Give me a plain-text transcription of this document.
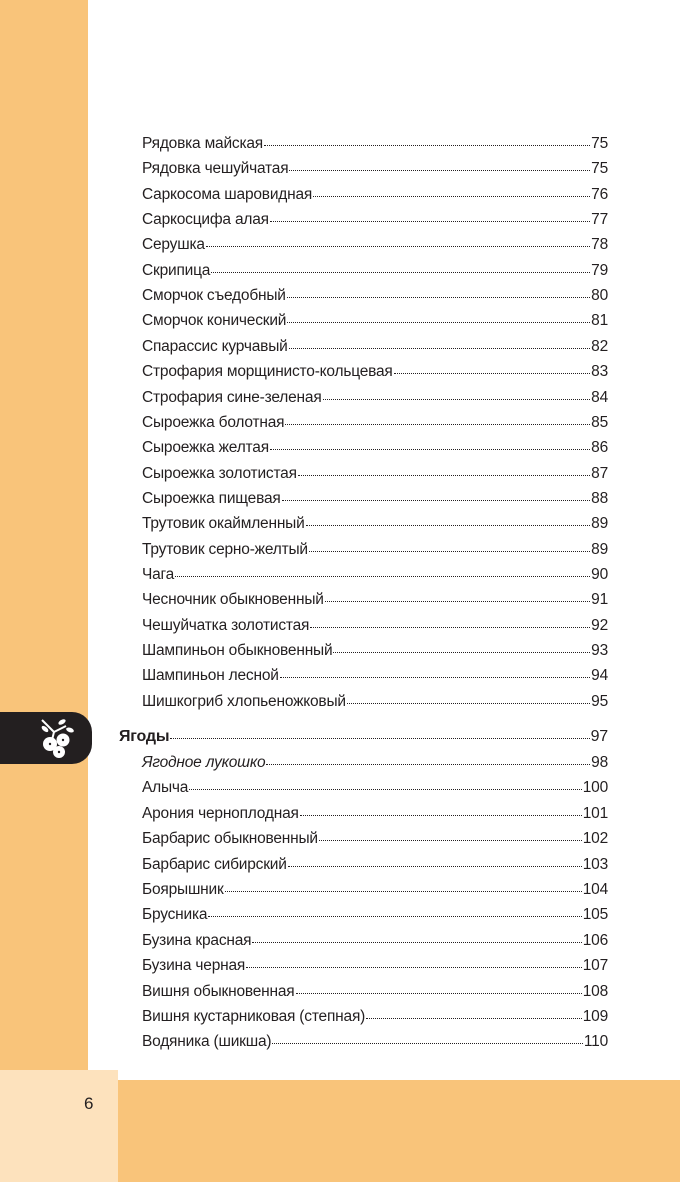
6
Рядовка майская	75
Рядовка чешуйчатая	75
Саркосома шаровидная	76
Саркосцифа алая	77
Серушка	78
Скрипица	79
Сморчок съедобный	80
Сморчок конический	81
Спарассис курчавый	82
Строфария морщинисто-кольцевая	83
Строфария сине-зеленая	84
Сыроежка болотная	85
Сыроежка желтая	86
Сыроежка золотистая	87
Сыроежка пищевая	88
Трутовик окаймленный	89
Трутовик серно-желтый	89
Чага	90
Чесночник обыкновенный	91
Чешуйчатка золотистая	92
Шампиньон обыкновенный	93
Шампиньон лесной	94
Шишкогриб хлопьеножковый	95
Ягоды	97
Ягодное лукошко	98
Алыча	100
Арония черноплодная	101
Барбарис обыкновенный	102
Барбарис сибирский	103
Боярышник	104
Брусника	105
Бузина красная	106
Бузина черная	107
Вишня обыкновенная	108
Вишня кустарниковая (степная)	109
Водяника (шикша)	110
